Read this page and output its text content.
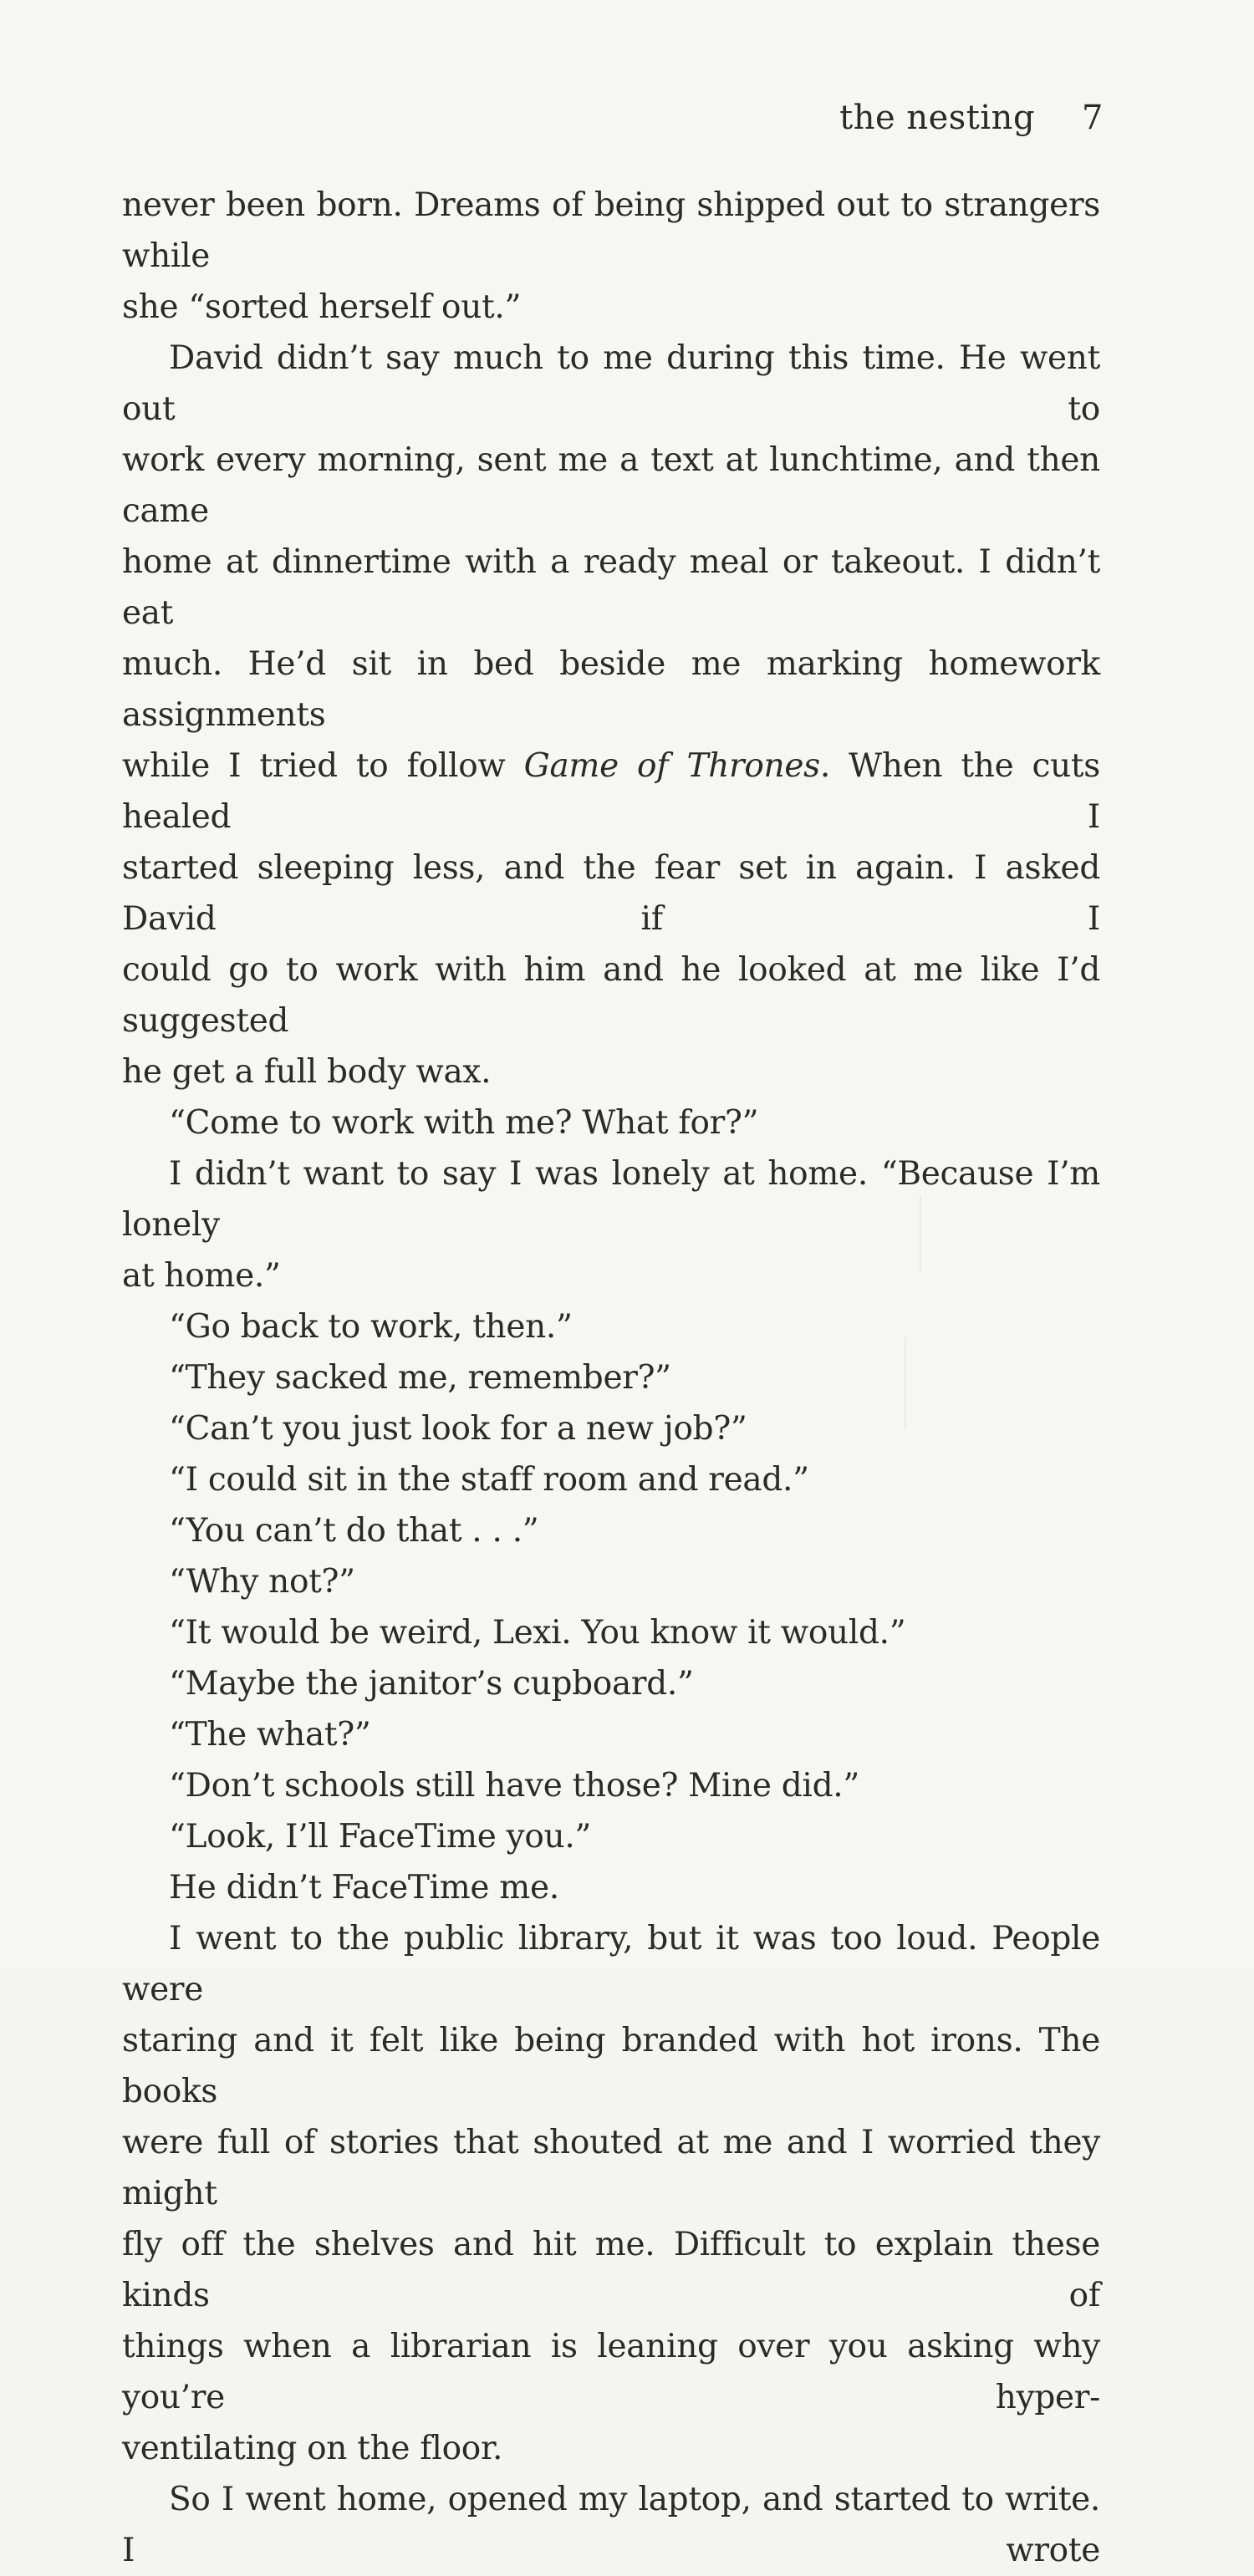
the nesting 7

never been born. Dreams of being shipped out to strangers while

she “sorted herself out.”

David didn’t say much to me during this time. He went out to

work every morning, sent me a text at lunchtime, and then came

home at dinnertime with a ready meal or takeout. I didn’t eat

much. He’d sit in bed beside me marking homework assignments

while I tried to follow Game of Thrones. When the cuts healed I

started sleeping less, and the fear set in again. I asked David if I

could go to work with him and he looked at me like I’d suggested

he get a full body wax.

“Come to work with me? What for?”

I didn’t want to say I was lonely at home. “Because I’m lonely

at home.”

“Go back to work, then.”

“They sacked me, remember?”

“Can’t you just look for a new job?”

“I could sit in the staff room and read.”

“You can’t do that . . .”

“Why not?”

“It would be weird, Lexi. You know it would.”

“Maybe the janitor’s cupboard.”

“The what?”

“Don’t schools still have those? Mine did.”

“Look, I’ll FaceTime you.”

He didn’t FaceTime me.

I went to the public library, but it was too loud. People were

staring and it felt like being branded with hot irons. The books

were full of stories that shouted at me and I worried they might

fly off the shelves and hit me. Difficult to explain these kinds of

things when a librarian is leaning over you asking why you’re hyper-

ventilating on the floor.

So I went home, opened my laptop, and started to write. I wrote
